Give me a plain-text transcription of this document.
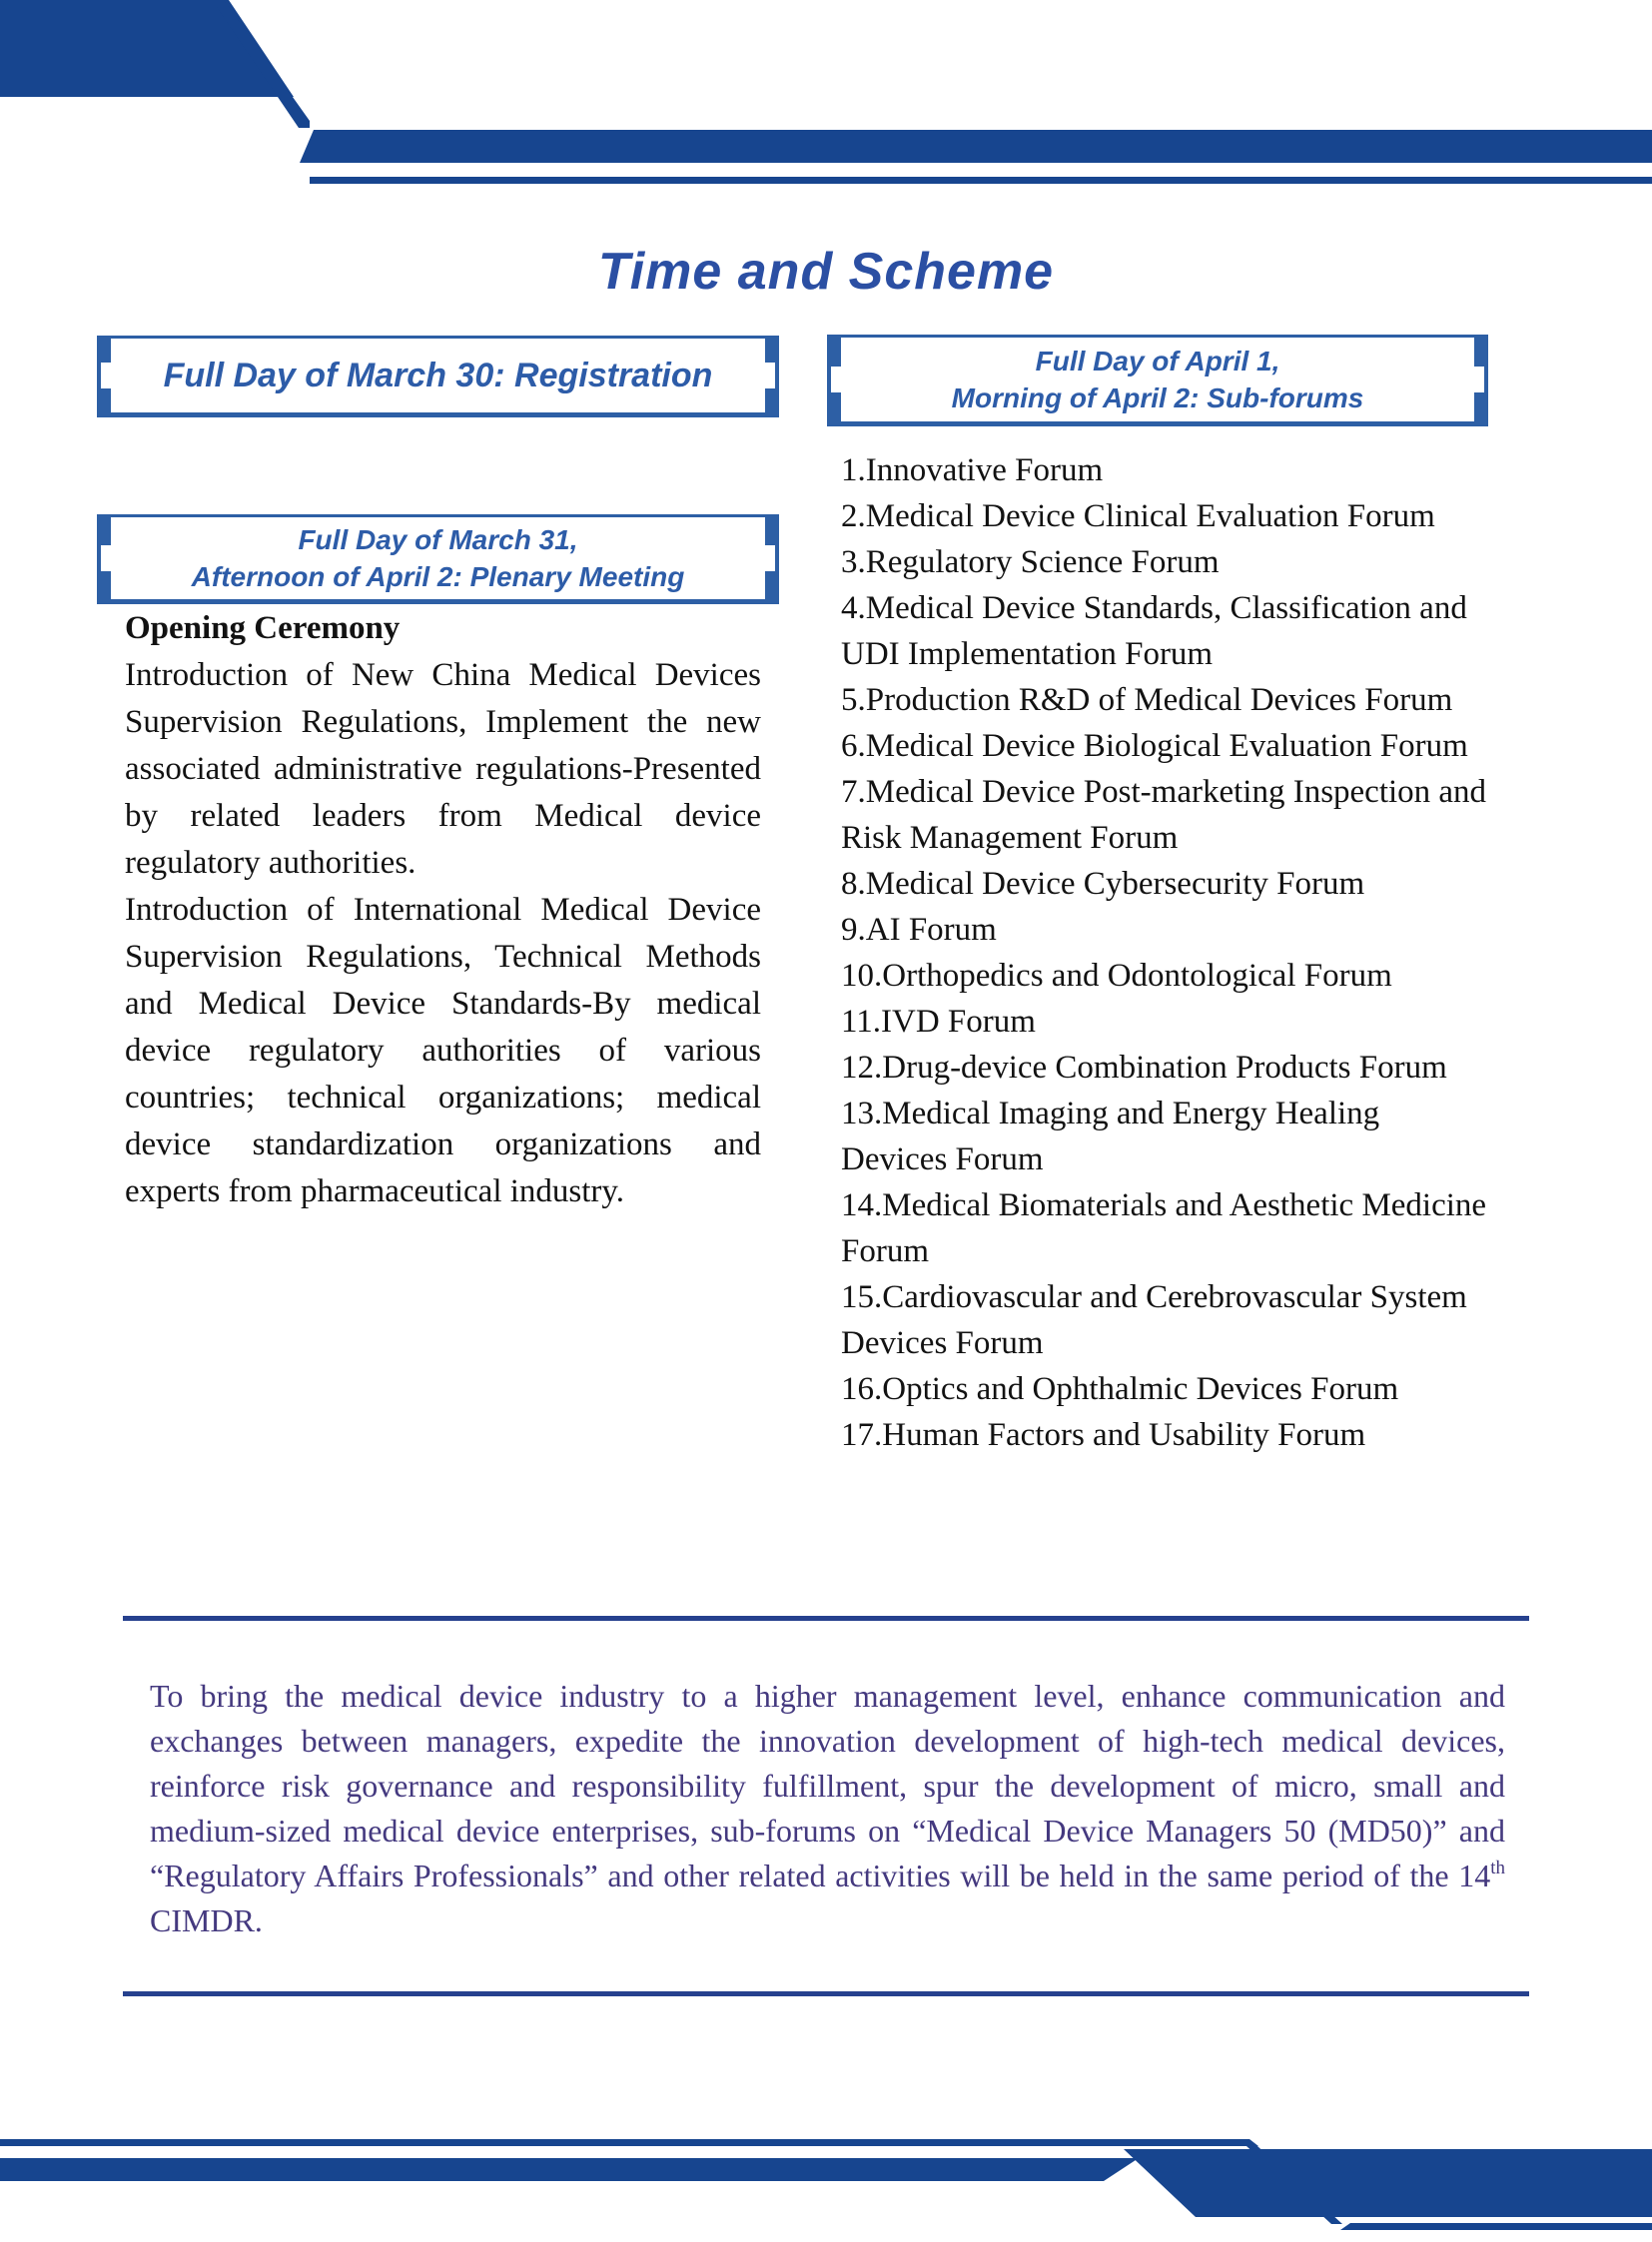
Time and Scheme
Full Day of March 30: Registration	Full Day of April 1,
Morning of April 2: Sub-forums
Full Day of March 31,
Afternoon of April 2: Plenary Meeting

Opening Ceremony

Introduction of New China Medical Devices Supervision Regulations, Implement the new associated administrative regulations-Presented by related leaders from Medical device regulatory authorities.

Introduction of International Medical Device Supervision Regulations, Technical Methods and Medical Device Standards-By medical device regulatory authorities of various countries; technical organizations; medical device standardization organizations and experts from pharmaceutical industry.

1.Innovative Forum
2.Medical Device Clinical Evaluation Forum
3.Regulatory Science Forum
4.Medical Device Standards, Classification and UDI Implementation Forum
5.Production R&D of Medical Devices Forum
6.Medical Device Biological Evaluation Forum
7.Medical Device Post-marketing Inspection and Risk Management Forum
8.Medical Device Cybersecurity Forum
9.AI Forum
10.Orthopedics and Odontological Forum
11.IVD Forum
12.Drug-device Combination Products Forum
13.Medical Imaging and Energy Healing Devices Forum
14.Medical Biomaterials and Aesthetic Medicine Forum
15.Cardiovascular and Cerebrovascular System Devices Forum
16.Optics and Ophthalmic Devices Forum
17.Human Factors and Usability Forum
To bring the medical device industry to a higher management level, enhance communication and exchanges between managers, expedite the innovation development of high-tech medical devices, reinforce risk governance and responsibility fulfillment, spur the development of micro, small and medium-sized medical device enterprises, sub-forums on “Medical Device Managers 50 (MD50)” and “Regulatory Affairs Professionals” and other related activities will be held in the same period of the 14th CIMDR.
